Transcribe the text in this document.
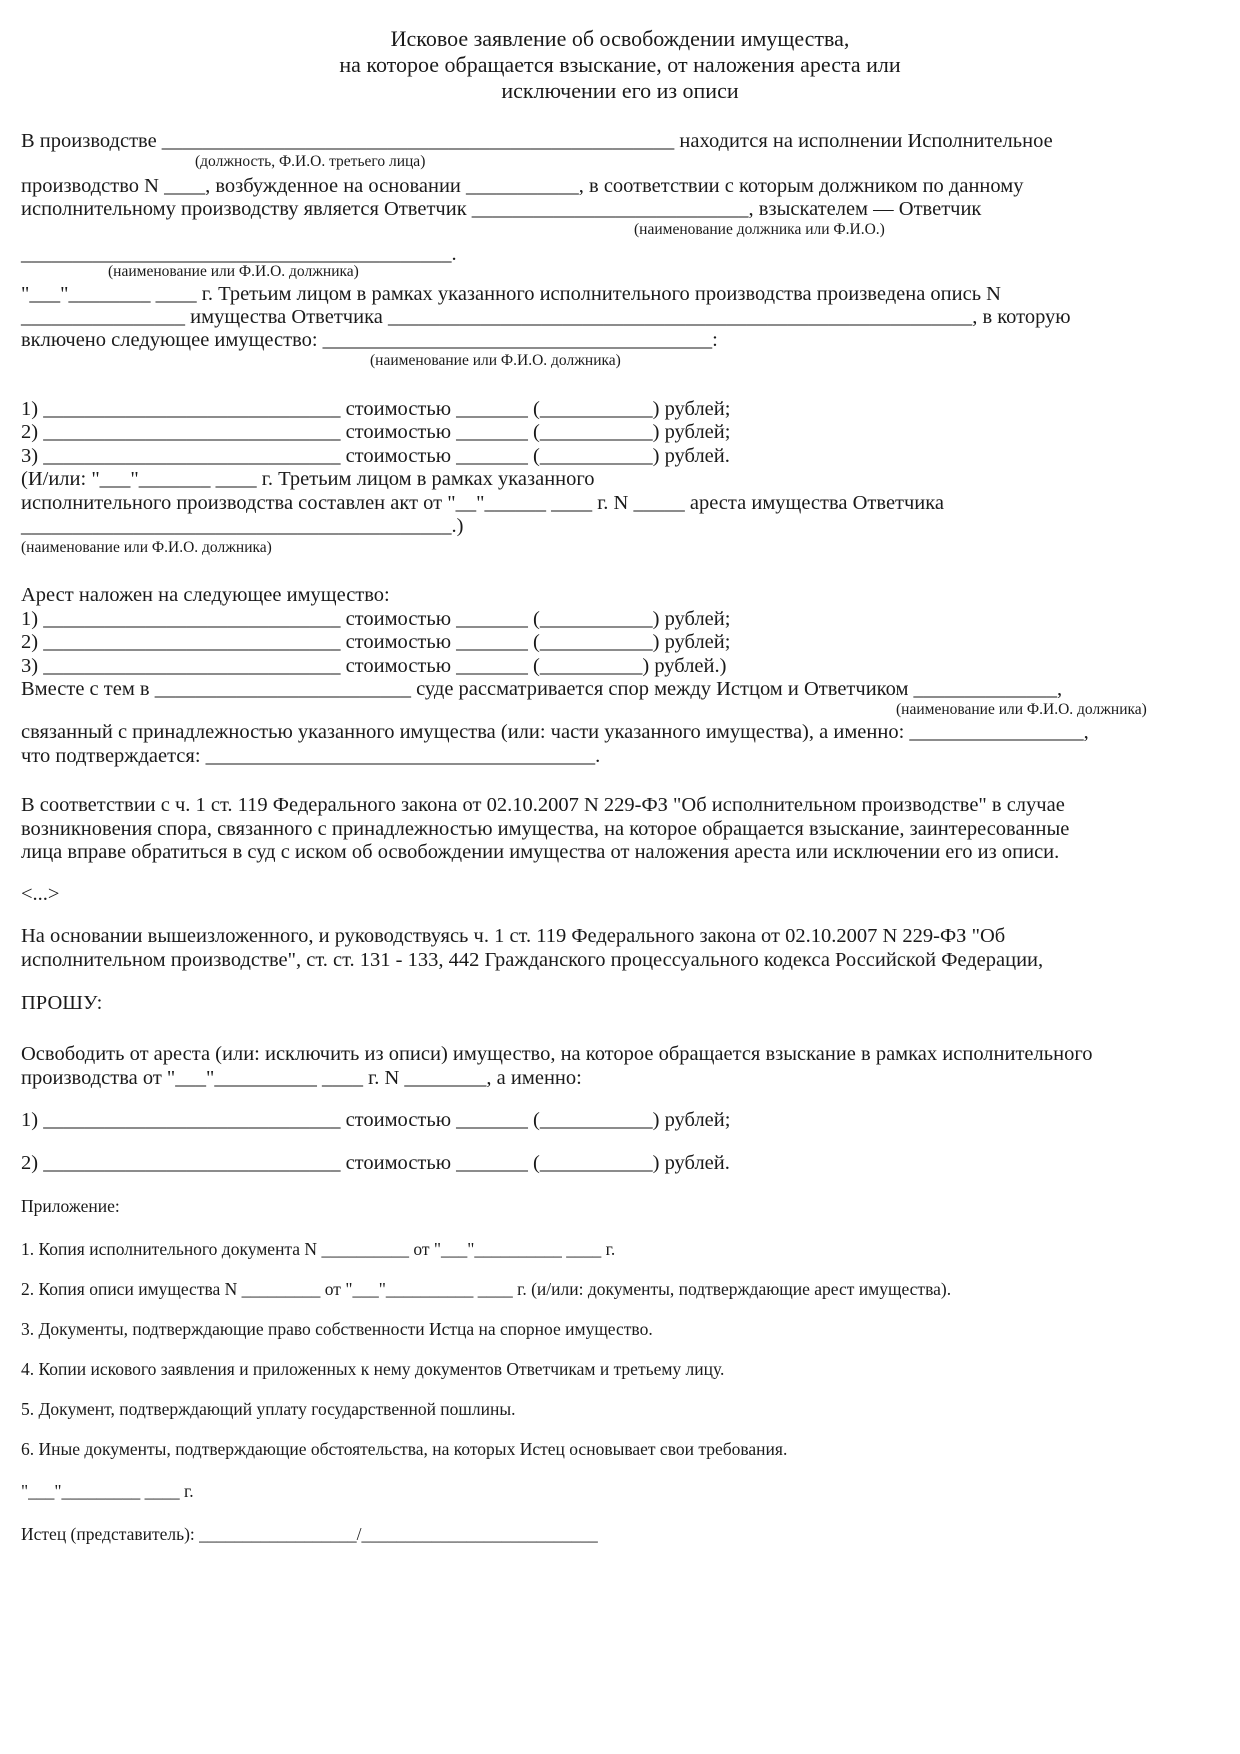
Исковое заявление об освобождении имущества,

на которое обращается взыскание, от наложения ареста или

исключении его из описи

В производстве __________________________________________________ находится на исполнении Исполнительное

(должность, Ф.И.О. третьего лица)

производство N ____, возбужденное на основании ___________, в соответствии с которым должником по данному

исполнительному производству является Ответчик ___________________________, взыскателем — Ответчик

(наименование должника или Ф.И.О.)

__________________________________________.

(наименование или Ф.И.О. должника)

"___"________ ____ г. Третьим лицом в рамках указанного исполнительного производства произведена опись N

________________ имущества Ответчика _________________________________________________________, в которую

включено следующее имущество: ______________________________________:

(наименование или Ф.И.О. должника)

1) _____________________________ стоимостью _______ (___________) рублей;

2) _____________________________ стоимостью _______ (___________) рублей;

3) _____________________________ стоимостью _______ (___________) рублей.

(И/или: "___"_______ ____ г. Третьим лицом в рамках указанного

исполнительного производства составлен акт от "__"______ ____ г. N _____ ареста имущества Ответчика

__________________________________________.)

(наименование или Ф.И.О. должника)

Арест наложен на следующее имущество:

1) _____________________________ стоимостью _______ (___________) рублей;

2) _____________________________ стоимостью _______ (___________) рублей;

3) _____________________________ стоимостью _______ (__________) рублей.)

Вместе с тем в _________________________ суде рассматривается спор между Истцом и Ответчиком ______________,

(наименование или Ф.И.О. должника)

связанный с принадлежностью указанного имущества (или: части указанного имущества), а именно: _________________,

что подтверждается: ______________________________________.

В соответствии с ч. 1 ст. 119 Федерального закона от 02.10.2007 N 229-ФЗ "Об исполнительном производстве" в случае

возникновения спора, связанного с принадлежностью имущества, на которое обращается взыскание, заинтересованные

лица вправе обратиться в суд с иском об освобождении имущества от наложения ареста или исключении его из описи.

<...>

На основании вышеизложенного, и руководствуясь ч. 1 ст. 119 Федерального закона от 02.10.2007 N 229-ФЗ "Об

исполнительном производстве", ст. ст. 131 - 133, 442 Гражданского процессуального кодекса Российской Федерации,

ПРОШУ:

Освободить от ареста (или: исключить из описи) имущество, на которое обращается взыскание в рамках исполнительного

производства от "___"__________ ____ г. N ________, а именно:

1) _____________________________ стоимостью _______ (___________) рублей;

2) _____________________________ стоимостью _______ (___________) рублей.

Приложение:

1. Копия исполнительного документа N __________ от "___"__________ ____ г.

2. Копия описи имущества N _________ от "___"__________ ____ г. (и/или: документы, подтверждающие арест имущества).

3. Документы, подтверждающие право собственности Истца на спорное имущество.

4. Копии искового заявления и приложенных к нему документов Ответчикам и третьему лицу.

5. Документ, подтверждающий уплату государственной пошлины.

6. Иные документы, подтверждающие обстоятельства, на которых Истец основывает свои требования.

"___"_________ ____ г.

Истец (представитель): __________________/___________________________
